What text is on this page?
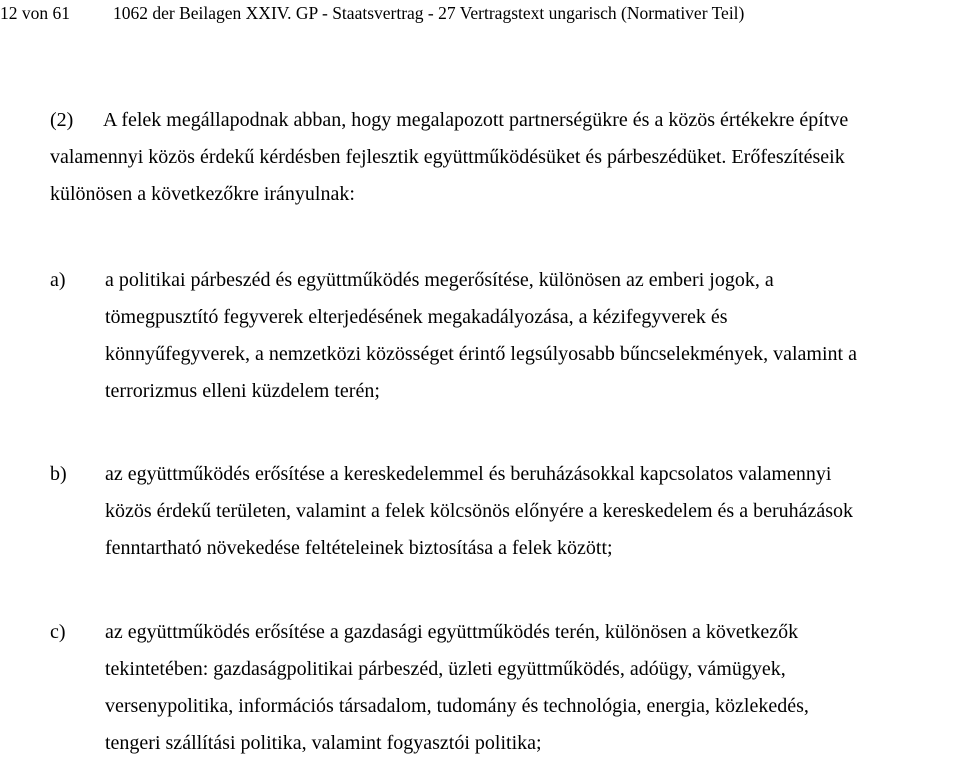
12 von 61 1062 der Beilagen XXIV. GP - Staatsvertrag - 27 Vertragstext ungarisch (Normativer Teil)
(2) A felek megállapodnak abban, hogy megalapozott partnerségükre és a közös értékekre építve
valamennyi közös érdekű kérdésben fejlesztik együttműködésüket és párbeszédüket. Erőfeszítéseik
különösen a következőkre irányulnak:
a)	a politikai párbeszéd és együttműködés megerősítése, különösen az emberi jogok, a
tömegpusztító fegyverek elterjedésének megakadályozása, a kézifegyverek és
könnyűfegyverek, a nemzetközi közösséget érintő legsúlyosabb bűncselekmények, valamint a
terrorizmus elleni küzdelem terén;
b)	az együttműködés erősítése a kereskedelemmel és beruházásokkal kapcsolatos valamennyi
közös érdekű területen, valamint a felek kölcsönös előnyére a kereskedelem és a beruházások
fenntartható növekedése feltételeinek biztosítása a felek között;
c)	az együttműködés erősítése a gazdasági együttműködés terén, különösen a következők
tekintetében: gazdaságpolitikai párbeszéd, üzleti együttműködés, adóügy, vámügyek,
versenypolitika, információs társadalom, tudomány és technológia, energia, közlekedés,
tengeri szállítási politika, valamint fogyasztói politika;
